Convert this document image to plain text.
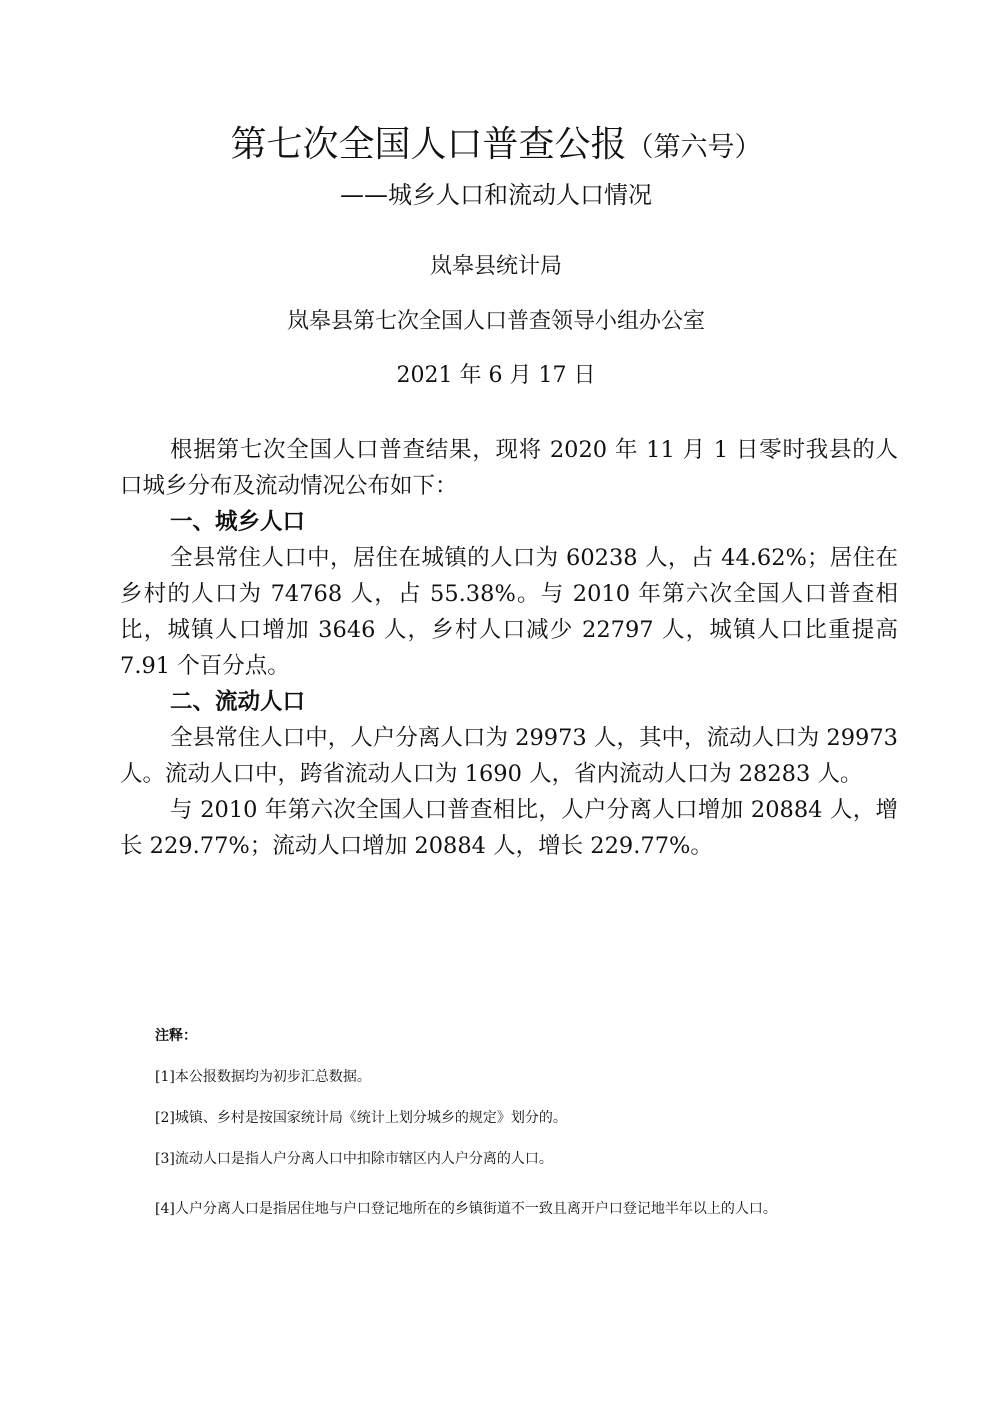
第七次全国人口普查公报（第六号）
——城乡人口和流动人口情况
岚皋县统计局
岚皋县第七次全国人口普查领导小组办公室
2021 年 6 月 17 日

根据第七次全国人口普查结果，现将 2020 年 11 月 1 日零时我县的人口城乡分布及流动情况公布如下：

一、城乡人口

全县常住人口中，居住在城镇的人口为 60238 人，占 44.62%；居住在乡村的人口为 74768 人，占 55.38%。与 2010 年第六次全国人口普查相比，城镇人口增加 3646 人，乡村人口减少 22797 人，城镇人口比重提高 7.91 个百分点。

二、流动人口

全县常住人口中，人户分离人口为 29973 人，其中，流动人口为 29973 人。流动人口中，跨省流动人口为 1690 人，省内流动人口为 28283 人。

与 2010 年第六次全国人口普查相比，人户分离人口增加 20884 人，增长 229.77%；流动人口增加 20884 人，增长 229.77%。

注释：

[1]本公报数据均为初步汇总数据。

[2]城镇、乡村是按国家统计局《统计上划分城乡的规定》划分的。

[3]流动人口是指人户分离人口中扣除市辖区内人户分离的人口。

[4]人户分离人口是指居住地与户口登记地所在的乡镇街道不一致且离开户口登记地半年以上的人口。
